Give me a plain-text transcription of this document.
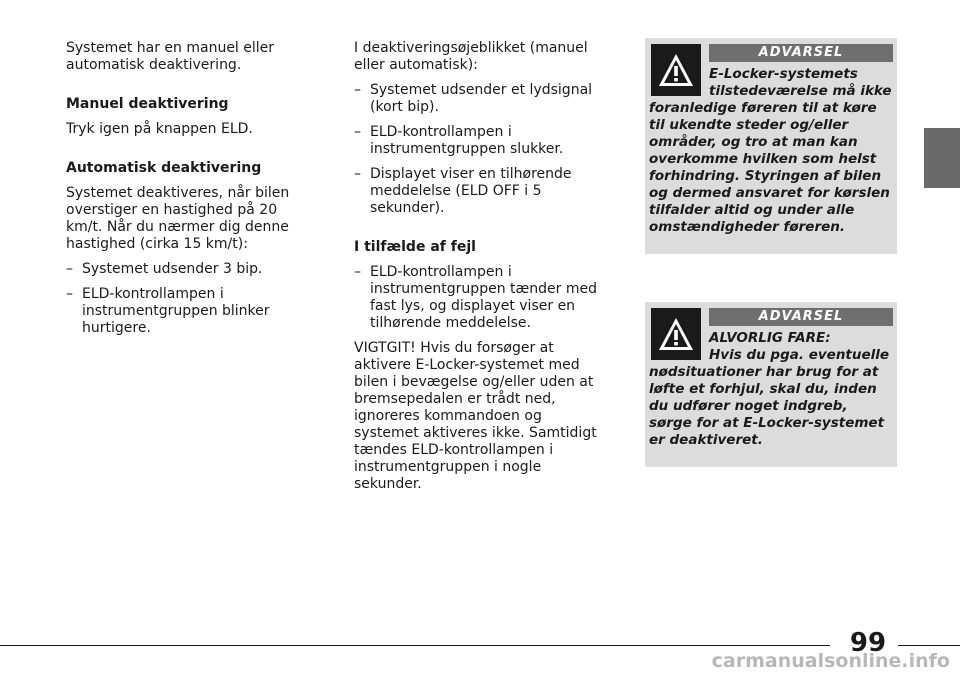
Systemet har en manuel eller automatisk deaktivering.

Manuel deaktivering

Tryk igen på knappen ELD.

Automatisk deaktivering

Systemet deaktiveres, når bilen overstiger en hastighed på 20 km/t. Når du nærmer dig denne hastighed (cirka 15 km/t):

– Systemet udsender 3 bip.
– ELD-kontrollampen i instrumentgruppen blinker hurtigere.

I deaktiveringsøjeblikket (manuel eller automatisk):

– Systemet udsender et lydsignal (kort bip).
– ELD-kontrollampen i instrumentgruppen slukker.
– Displayet viser en tilhørende meddelelse (ELD OFF i 5 sekunder).
I tilfælde af fejl
– ELD-kontrollampen i instrumentgruppen tænder med fast lys, og displayet viser en tilhørende meddelelse.

VIGTGIT! Hvis du forsøger at aktivere E-Locker-systemet med bilen i bevægelse og/eller uden at bremsepedalen er trådt ned, ignoreres kommandoen og systemet aktiveres ikke. Samtidigt tændes ELD-kontrollampen i instrumentgruppen i nogle sekunder.

ADVARSEL

E-Locker-systemets tilstedeværelse må ikke

foranledige føreren til at køre til ukendte steder og/eller områder, og tro at man kan overkomme hvilken som helst forhindring. Styringen af bilen og dermed ansvaret for kørslen tilfalder altid og under alle omstændigheder føreren.

ADVARSEL

ALVORLIG FARE:

Hvis du pga. eventuelle

nødsituationer har brug for at løfte et forhjul, skal du, inden du udfører noget indgreb, sørge for at E-Locker-systemet er deaktiveret.

99
carmanualsonline.info
